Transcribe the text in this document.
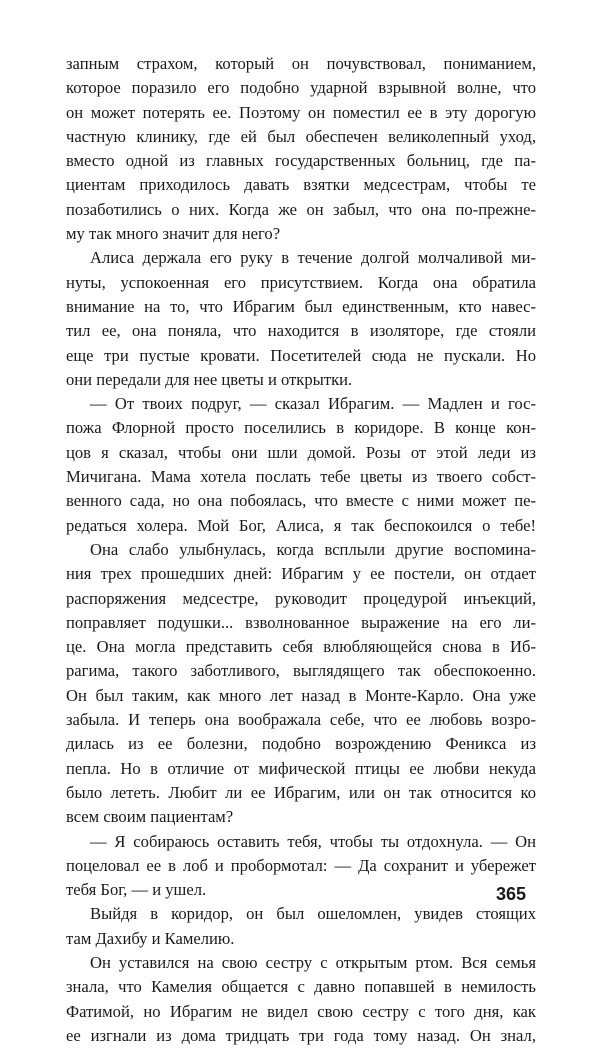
запным страхом, который он почувствовал, пониманием,
которое поразило его подобно ударной взрывной волне, что
он может потерять ее. Поэтому он поместил ее в эту дорогую
частную клинику, где ей был обеспечен великолепный уход,
вместо одной из главных государственных больниц, где па-
циентам приходилось давать взятки медсестрам, чтобы те
позаботились о них. Когда же он забыл, что она по-прежне-
му так много значит для него?
Алиса держала его руку в течение долгой молчаливой ми-
нуты, успокоенная его присутствием. Когда она обратила
внимание на то, что Ибрагим был единственным, кто навес-
тил ее, она поняла, что находится в изоляторе, где стояли
еще три пустые кровати. Посетителей сюда не пускали. Но
они передали для нее цветы и открытки.
— От твоих подруг, — сказал Ибрагим. — Мадлен и гос-
пожа Флорной просто поселились в коридоре. В конце кон-
цов я сказал, чтобы они шли домой. Розы от этой леди из
Мичигана. Мама хотела послать тебе цветы из твоего собст-
венного сада, но она побоялась, что вместе с ними может пе-
редаться холера. Мой Бог, Алиса, я так беспокоился о тебе!
Она слабо улыбнулась, когда всплыли другие воспомина-
ния трех прошедших дней: Ибрагим у ее постели, он отдает
распоряжения медсестре, руководит процедурой инъекций,
поправляет подушки... взволнованное выражение на его ли-
це. Она могла представить себя влюбляющейся снова в Иб-
рагима, такого заботливого, выглядящего так обеспокоенно.
Он был таким, как много лет назад в Монте-Карло. Она уже
забыла. И теперь она воображала себе, что ее любовь возро-
дилась из ее болезни, подобно возрождению Феникса из
пепла. Но в отличие от мифической птицы ее любви некуда
было лететь. Любит ли ее Ибрагим, или он так относится ко
всем своим пациентам?
— Я собираюсь оставить тебя, чтобы ты отдохнула. — Он
поцеловал ее в лоб и пробормотал: — Да сохранит и убережет
тебя Бог, — и ушел.
Выйдя в коридор, он был ошеломлен, увидев стоящих
там Дахибу и Камелию.
Он уставился на свою сестру с открытым ртом. Вся семья
знала, что Камелия общается с давно попавшей в немилость
Фатимой, но Ибрагим не видел свою сестру с того дня, как
ее изгнали из дома тридцать три года тому назад. Он знал,
365
